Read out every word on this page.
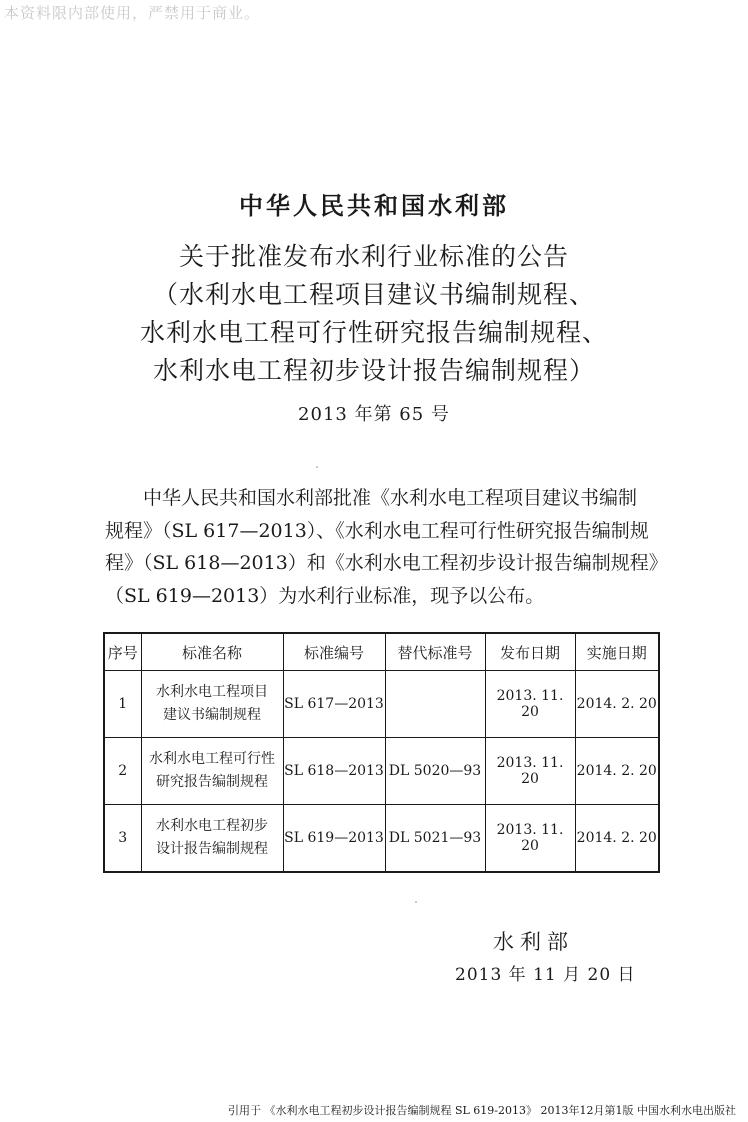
本资料限内部使用，严禁用于商业。
中华人民共和国水利部
关于批准发布水利行业标准的公告
（水利水电工程项目建议书编制规程、
水利水电工程可行性研究报告编制规程、
水利水电工程初步设计报告编制规程）
2013 年第 65 号
中华人民共和国水利部批准《水利水电工程项目建议书编制
规程》（SL 617—2013）、《水利水电工程可行性研究报告编制规
程》（SL 618—2013）和《水利水电工程初步设计报告编制规程》
（SL 619—2013）为水利行业标准，现予以公布。
序号	标准名称	标准编号	替代标准号	发布日期	实施日期
1	水利水电工程项目
建议书编制规程	SL 617—2013		2013. 11. 20	2014. 2. 20
2	水利水电工程可行性
研究报告编制规程	SL 618—2013	DL 5020—93	2013. 11. 20	2014. 2. 20
3	水利水电工程初步
设计报告编制规程	SL 619—2013	DL 5021—93	2013. 11. 20	2014. 2. 20
水利部
2013 年 11 月 20 日
引用于 《水利水电工程初步设计报告编制规程 SL 619-2013》 2013年12月第1版 中国水利水电出版社
